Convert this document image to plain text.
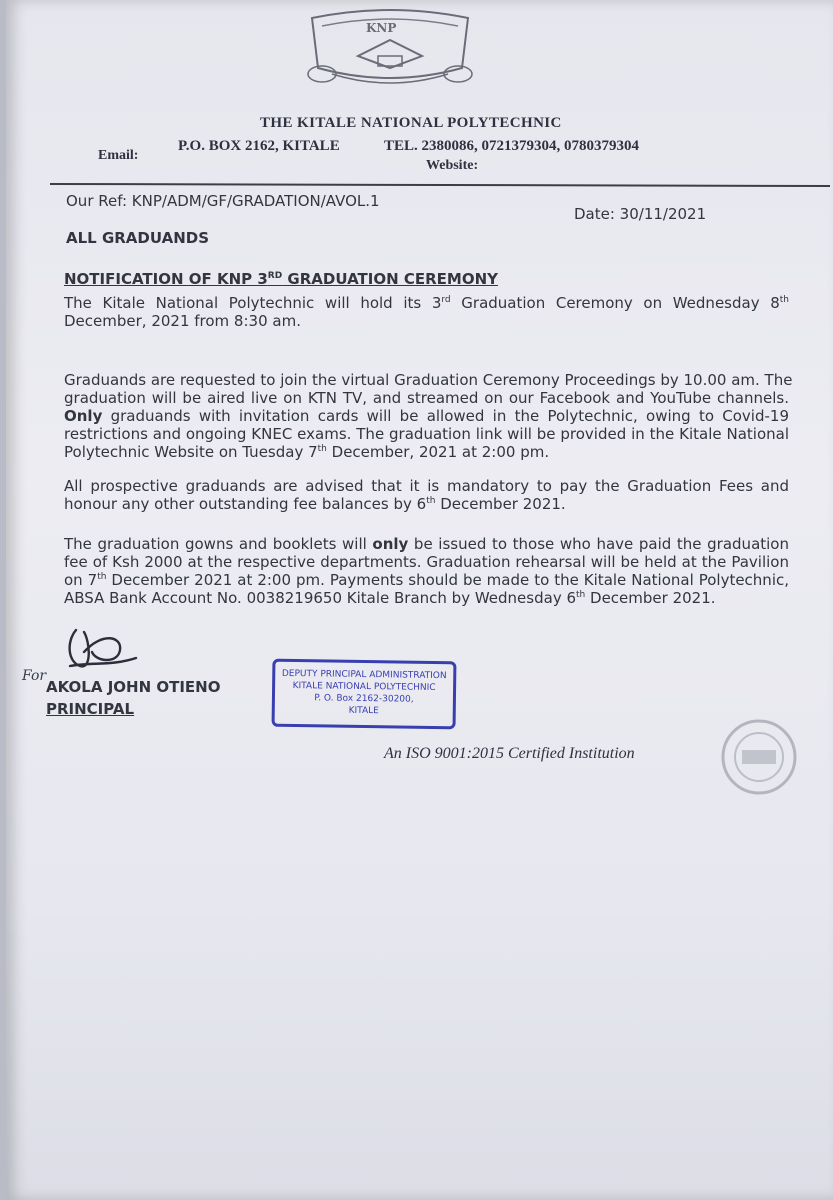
KNP
THE KITALE NATIONAL POLYTECHNIC
P.O. BOX 2162, KITALE	TEL. 2380086, 0721379304, 0780379304
Email:
Website:
Our Ref: KNP/ADM/GF/GRADATION/AVOL.1
Date: 30/11/2021
ALL GRADUANDS
NOTIFICATION OF KNP 3RD GRADUATION CEREMONY
The Kitale National Polytechnic will hold its 3rd Graduation Ceremony on Wednesday 8th
December, 2021 from 8:30 am.
Graduands are requested to join the virtual Graduation Ceremony Proceedings by 10.00 am. The
graduation will be aired live on KTN TV, and streamed on our Facebook and YouTube channels.
Only graduands with invitation cards will be allowed in the Polytechnic, owing to Covid-19
restrictions and ongoing KNEC exams. The graduation link will be provided in the Kitale National
Polytechnic Website on Tuesday 7th December, 2021 at 2:00 pm.
All prospective graduands are advised that it is mandatory to pay the Graduation Fees and
honour any other outstanding fee balances by 6th December 2021.
The graduation gowns and booklets will only be issued to those who have paid the graduation
fee of Ksh 2000 at the respective departments. Graduation rehearsal will be held at the Pavilion
on 7th December 2021 at 2:00 pm. Payments should be made to the Kitale National Polytechnic,
ABSA Bank Account No. 0038219650 Kitale Branch by Wednesday 6th December 2021.
For
AKOLA JOHN OTIENO
PRINCIPAL
DEPUTY PRINCIPAL ADMINISTRATION
KITALE NATIONAL POLYTECHNIC
P. O. Box 2162-30200,
KITALE
An ISO 9001:2015 Certified Institution
